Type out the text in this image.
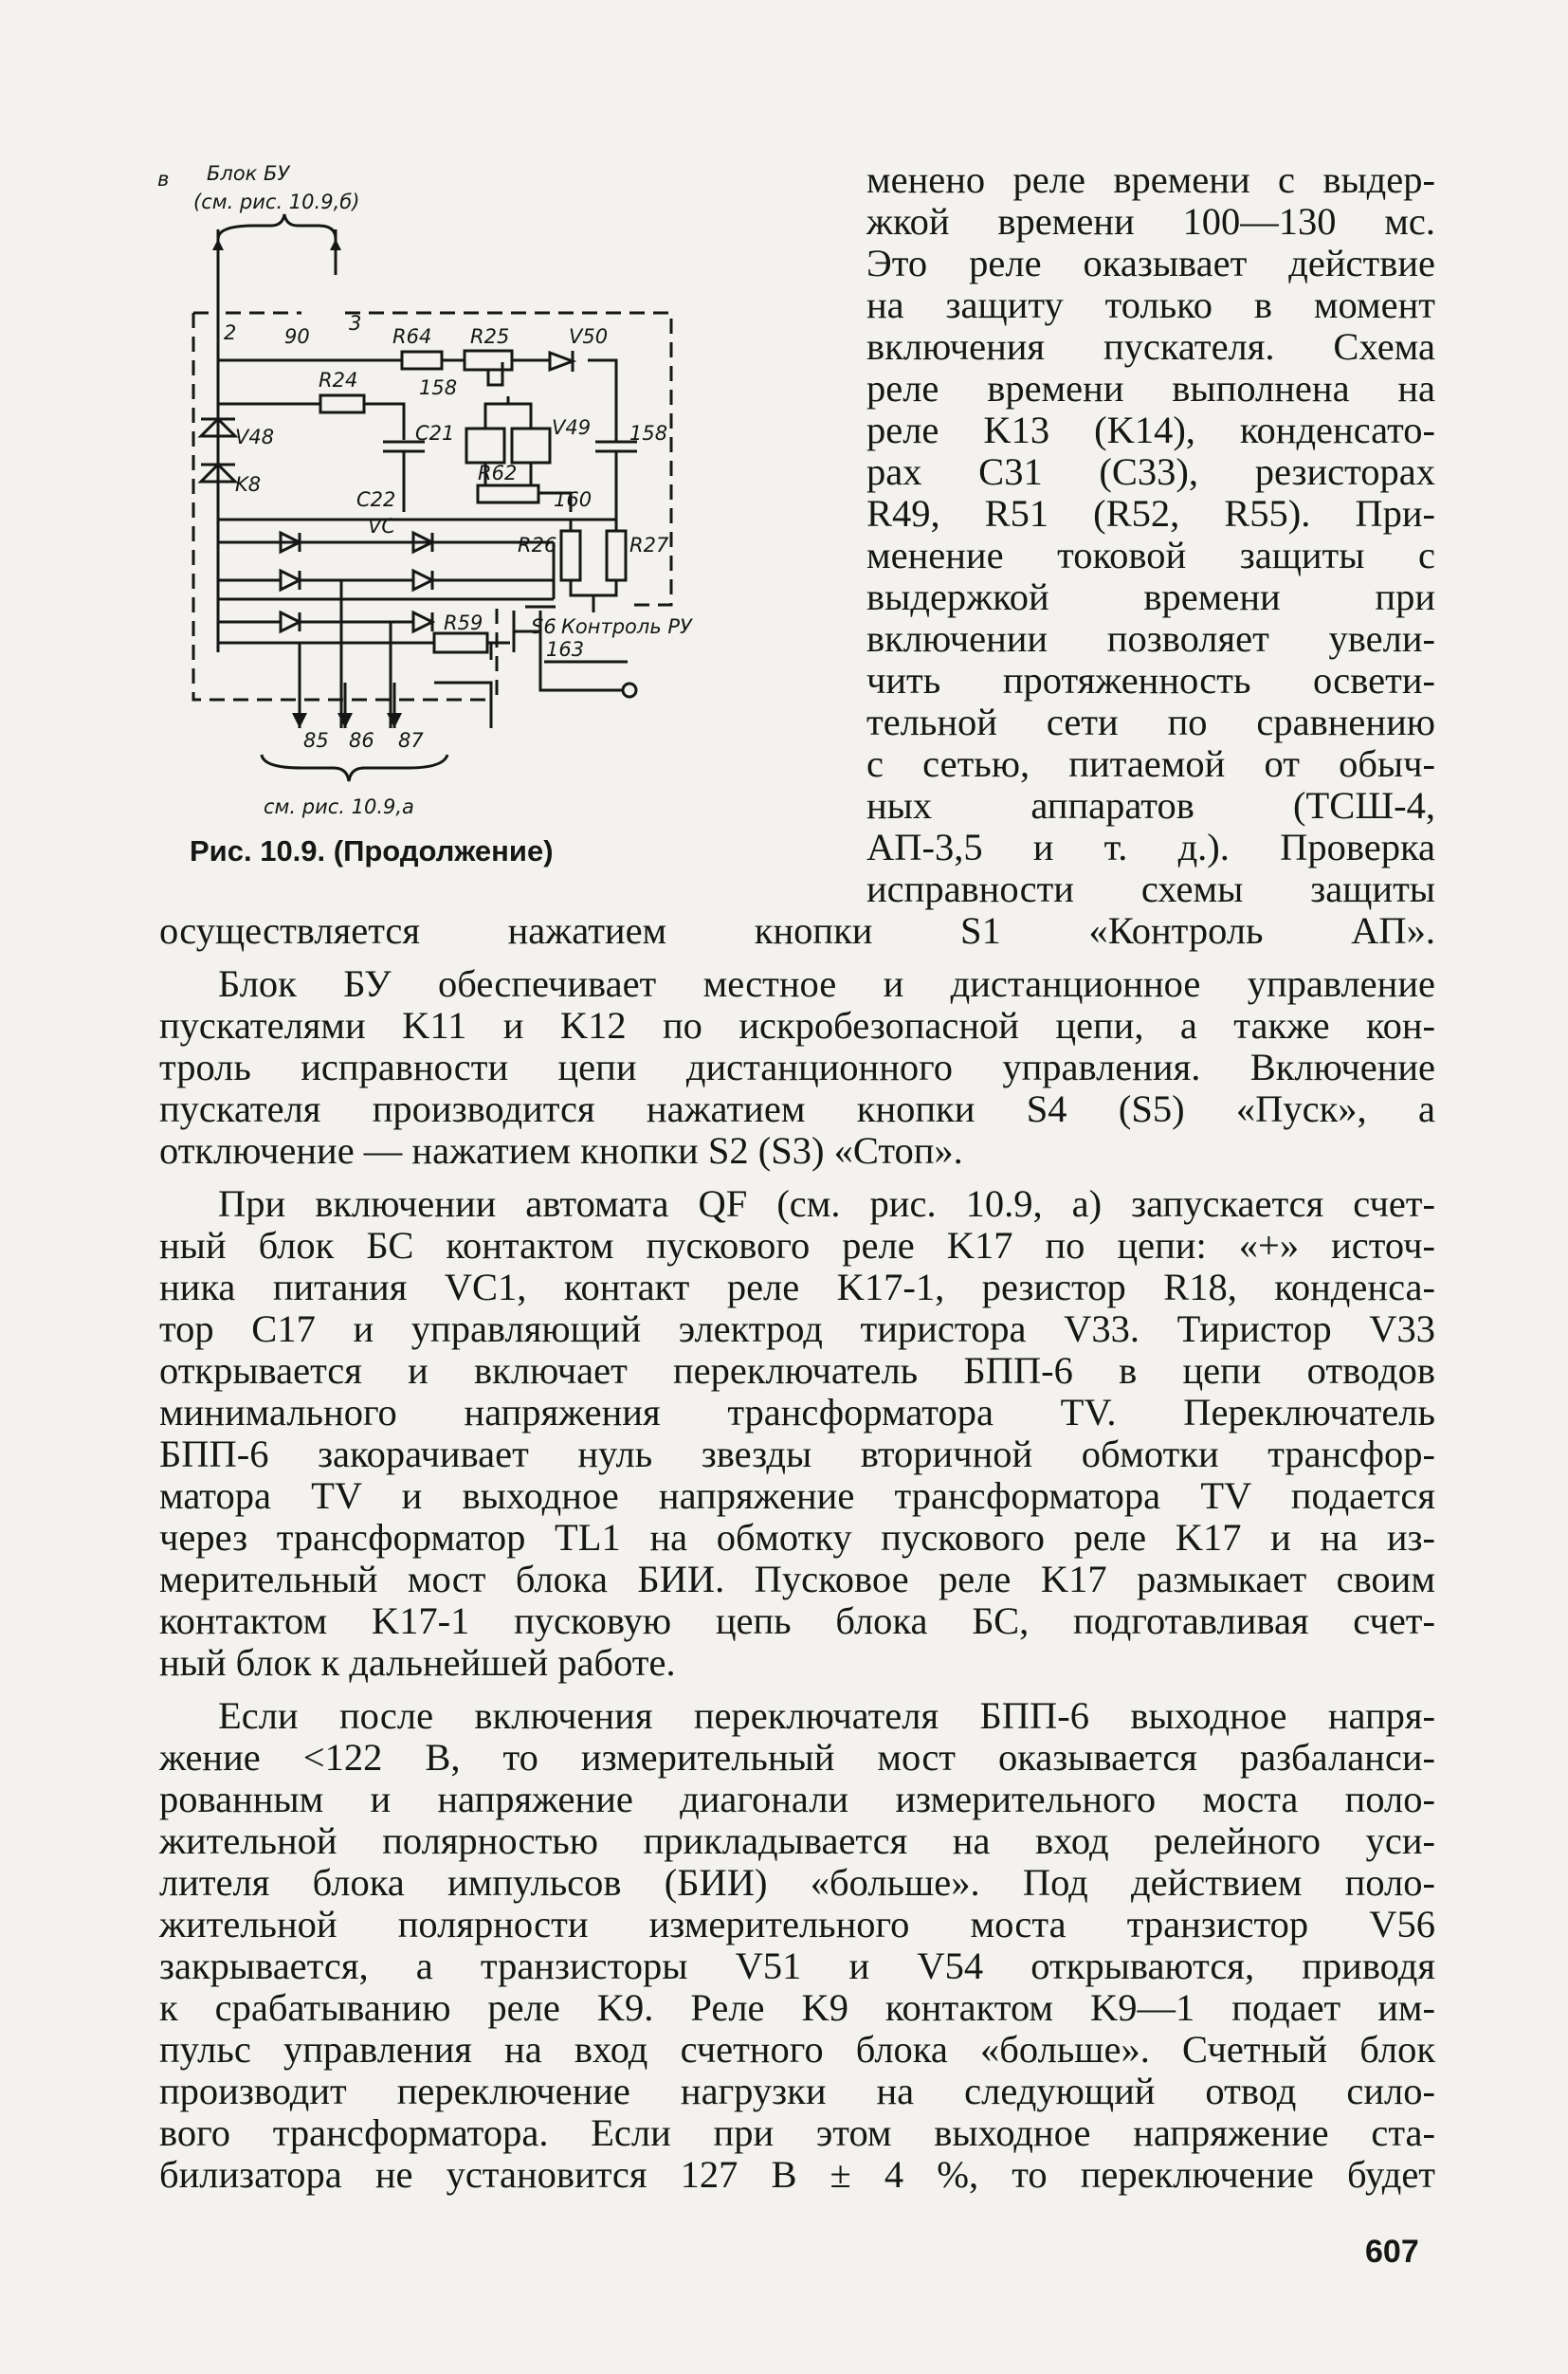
в Блок БУ
(см. рис. 10.9,б)
2 90
3
R64 R25	V50
R24	158
V48
K8
C21
C22
V49
R62
160
158
R26	R27
VC
R59 S6 Контроль РУ
163
85 86 87
см. рис. 10.9,а
Рис. 10.9. (Продолжение)
менено реле времени с выдер-
жкой времени 100—130 мс.
Это реле оказывает действие
на защиту только в момент
включения пускателя. Схема
реле времени выполнена на
реле K13 (K14), конденсато-
рах C31 (C33), резисторах
R49, R51 (R52, R55). При-
менение токовой защиты с
выдержкой времени при
включении позволяет увели-
чить протяженность освети-
тельной сети по сравнению
с сетью, питаемой от обыч-
ных аппаратов (ТСШ-4,
АП-3,5 и т. д.). Проверка
исправности схемы защиты
осуществляется нажатием кнопки S1 «Контроль АП».
Блок БУ обеспечивает местное и дистанционное управление
пускателями K11 и K12 по искробезопасной цепи, а также кон-
троль исправности цепи дистанционного управления. Включение
пускателя производится нажатием кнопки S4 (S5) «Пуск», а
отключение — нажатием кнопки S2 (S3) «Стоп».
При включении автомата QF (см. рис. 10.9, а) запускается счет-
ный блок БС контактом пускового реле K17 по цепи: «+» источ-
ника питания VC1, контакт реле K17-1, резистор R18, конденса-
тор C17 и управляющий электрод тиристора V33. Тиристор V33
открывается и включает переключатель БПП-6 в цепи отводов
минимального напряжения трансформатора TV. Переключатель
БПП-6 закорачивает нуль звезды вторичной обмотки трансфор-
матора TV и выходное напряжение трансформатора TV подается
через трансформатор TL1 на обмотку пускового реле K17 и на из-
мерительный мост блока БИИ. Пусковое реле K17 размыкает своим
контактом K17-1 пусковую цепь блока БС, подготавливая счет-
ный блок к дальнейшей работе.
Если после включения переключателя БПП-6 выходное напря-
жение <122 В, то измерительный мост оказывается разбаланси-
рованным и напряжение диагонали измерительного моста поло-
жительной полярностью прикладывается на вход релейного уси-
лителя блока импульсов (БИИ) «больше». Под действием поло-
жительной полярности измерительного моста транзистор V56
закрывается, а транзисторы V51 и V54 открываются, приводя
к срабатыванию реле K9. Реле K9 контактом K9—1 подает им-
пульс управления на вход счетного блока «больше». Счетный блок
производит переключение нагрузки на следующий отвод сило-
вого трансформатора. Если при этом выходное напряжение ста-
билизатора не установится 127 В ± 4 %, то переключение будет
607
